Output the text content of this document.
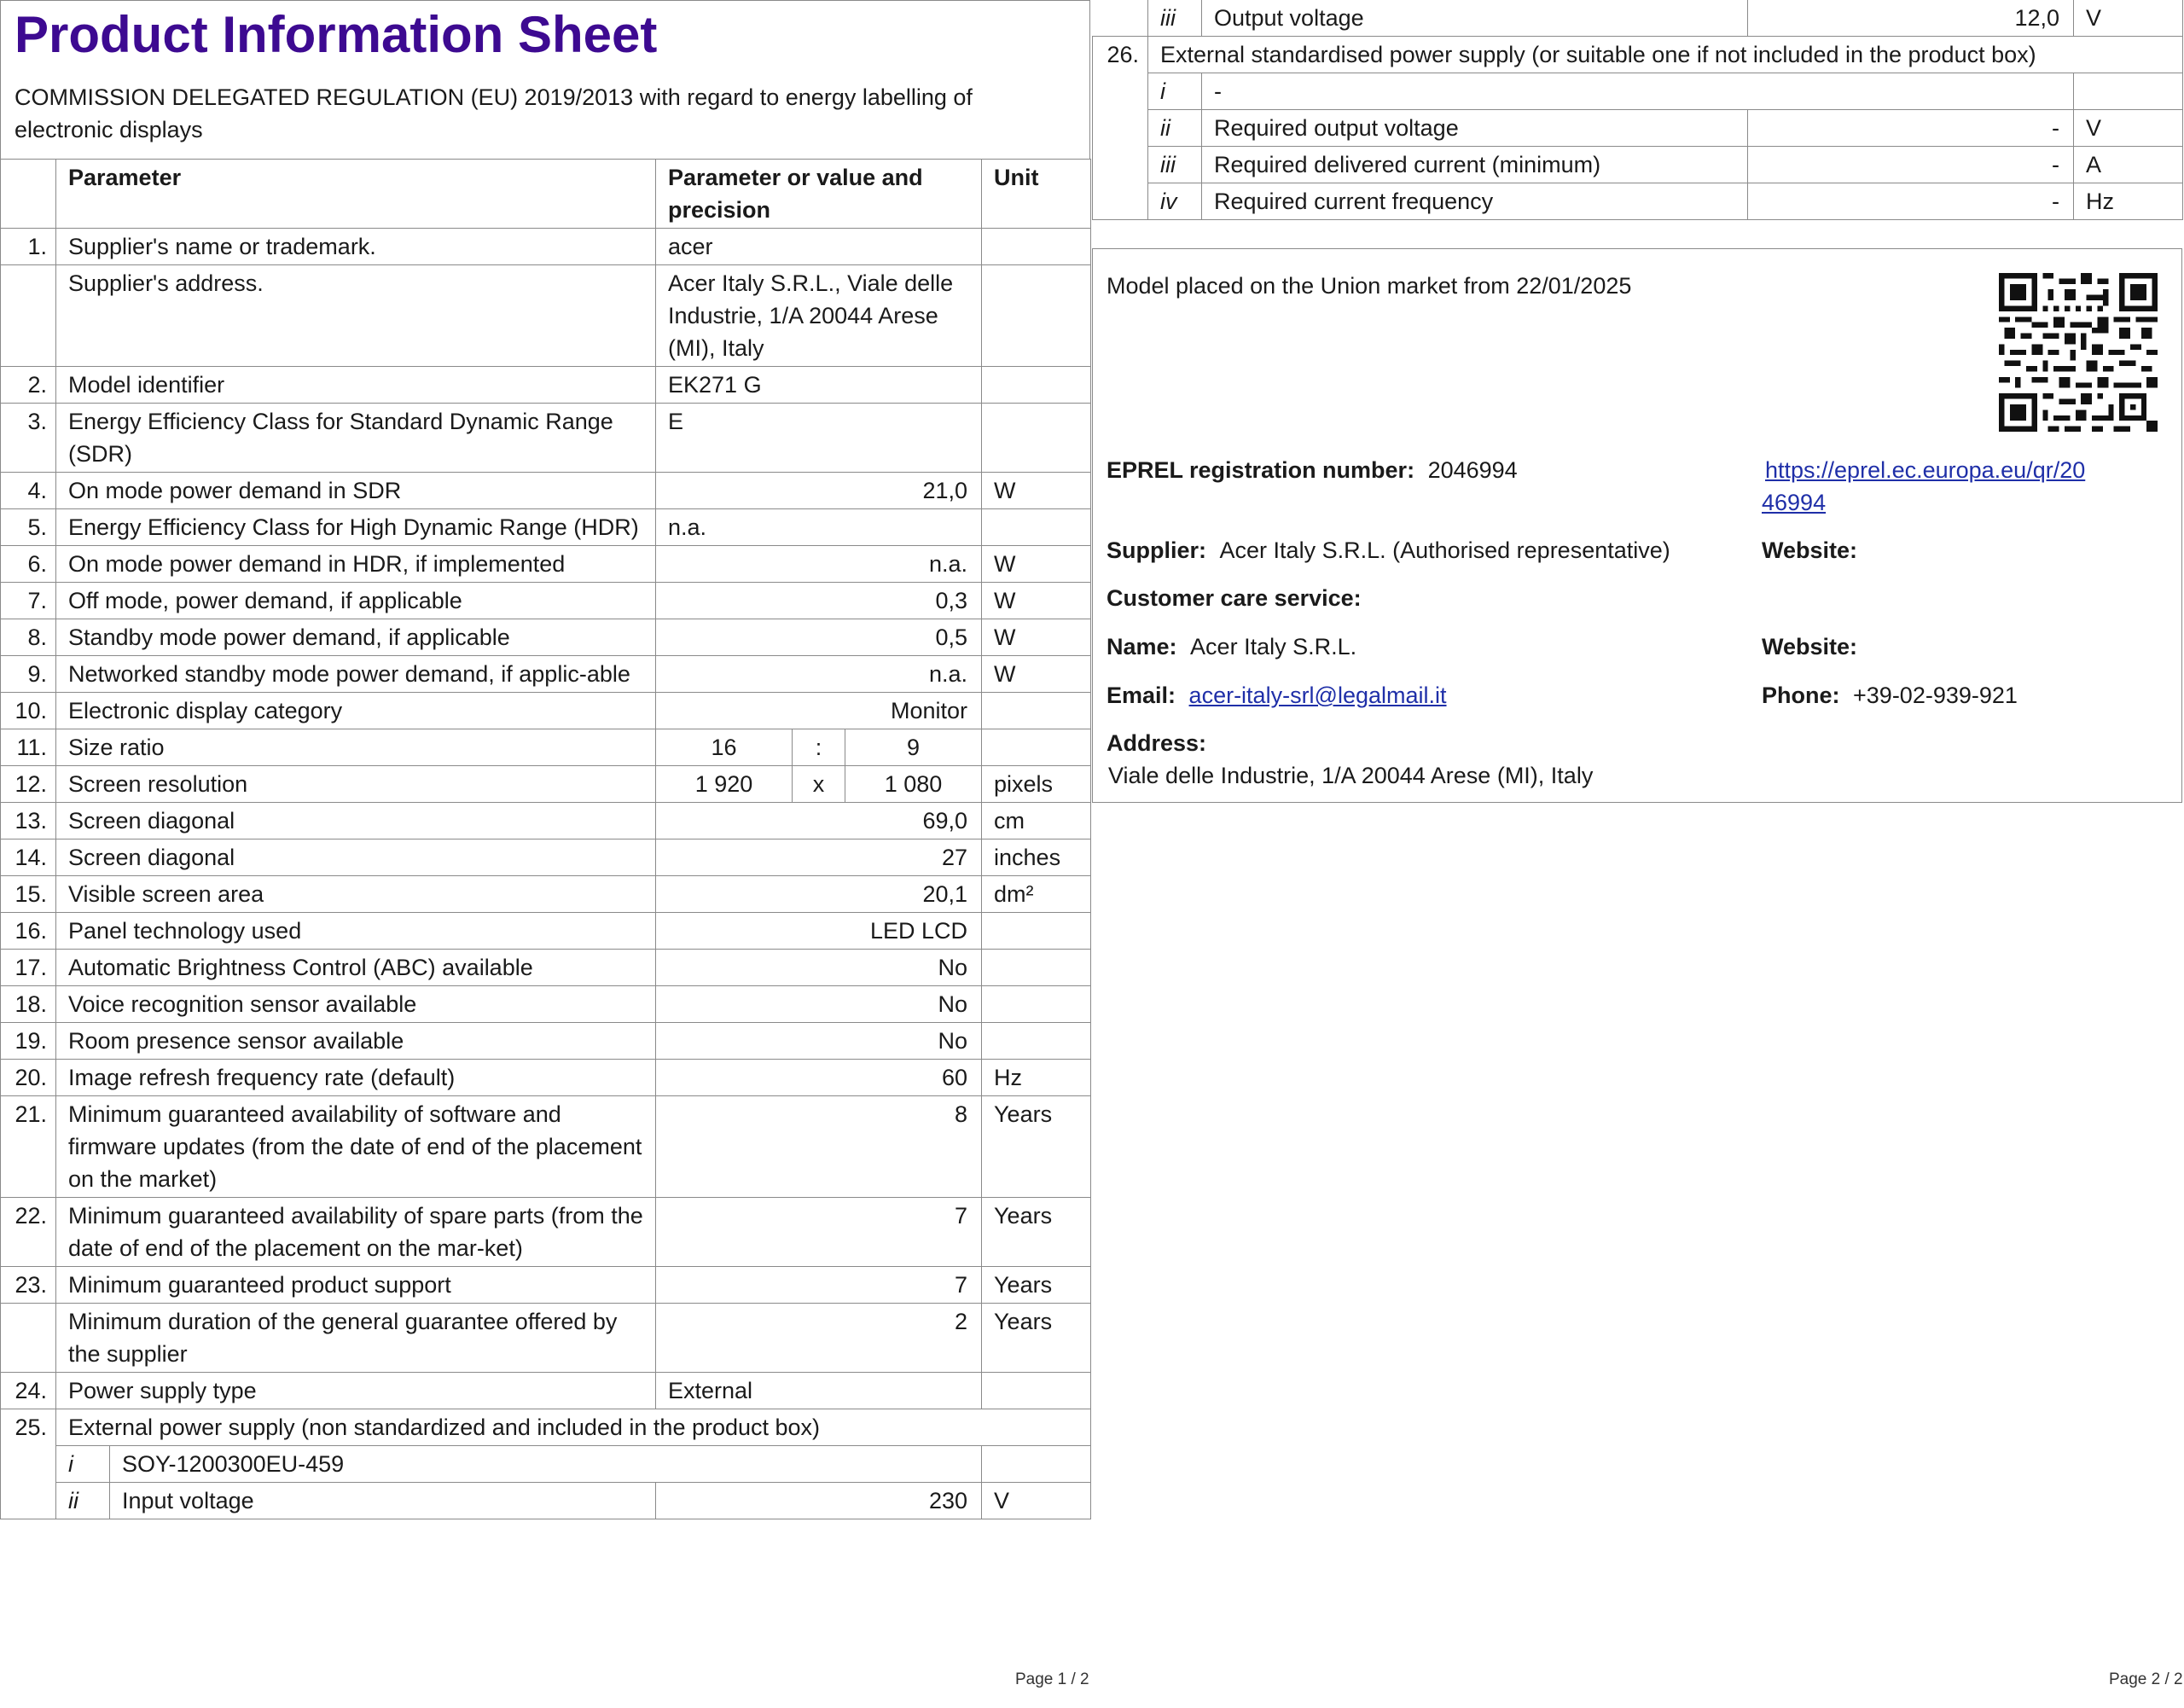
Product Information Sheet
COMMISSION DELEGATED REGULATION (EU) 2019/2013 with regard to energy labelling of electronic displays
	Parameter		Parameter or value and precision			Unit
1.	Supplier's name or trademark.		acer			
	Supplier's address.		Acer Italy S.R.L., Viale delle Industrie, 1/A 20044 Arese (MI), Italy			
2.	Model identifier		EK271 G			
3.	Energy Efficiency Class for Standard Dynamic Range (SDR)		E			
4.	On mode power demand in SDR		21,0			W
5.	Energy Efficiency Class for High Dynamic Range (HDR)		n.a.			
6.	On mode power demand in HDR, if implemented		n.a.			W
7.	Off mode, power demand, if applicable		0,3			W
8.	Standby mode power demand, if applicable		0,5			W
9.	Networked standby mode power demand, if applic-able		n.a.			W
10.	Electronic display category		Monitor			
11.	Size ratio		16	:	9	
12.	Screen resolution		1 920	x	1 080	pixels
13.	Screen diagonal		69,0			cm
14.	Screen diagonal		27			inches
15.	Visible screen area		20,1			dm²
16.	Panel technology used		LED LCD			
17.	Automatic Brightness Control (ABC) available		No			
18.	Voice recognition sensor available		No			
19.	Room presence sensor available		No			
20.	Image refresh frequency rate (default)		60			Hz
21.	Minimum guaranteed availability of software and firmware updates (from the date of end of the placement on the market)		8			Years
22.	Minimum guaranteed availability of spare parts (from the date of end of the placement on the mar-ket)		7			Years
23.	Minimum guaranteed product support		7			Years
	Minimum duration of the general guarantee offered by the supplier		2			Years
24.	Power supply type		External			
25.	External power supply (non standardized and included in the product box)					
	i	SOY-1200300EU-459				
	ii	Input voltage	230			V
	iii	Output voltage	12,0	V
26.	External standardised power supply (or suitable one if not included in the product box)			
	i	-		
	ii	Required output voltage	-	V
	iii	Required delivered current (minimum)	-	A
	iv	Required current frequency	-	Hz
Model placed on the Union market from 22/01/2025
EPREL registration number: 2046994	https://eprel.ec.europa.eu/qr/20
46994
Supplier: Acer Italy S.R.L. (Authorised representative)	Website:
Customer care service:
Name: Acer Italy S.R.L.	Website:
Email: acer-italy-srl@legalmail.it	Phone: +39-02-939-921
Address:
Viale delle Industrie, 1/A 20044 Arese (MI), Italy
Page 1 / 2	Page 2 / 2
